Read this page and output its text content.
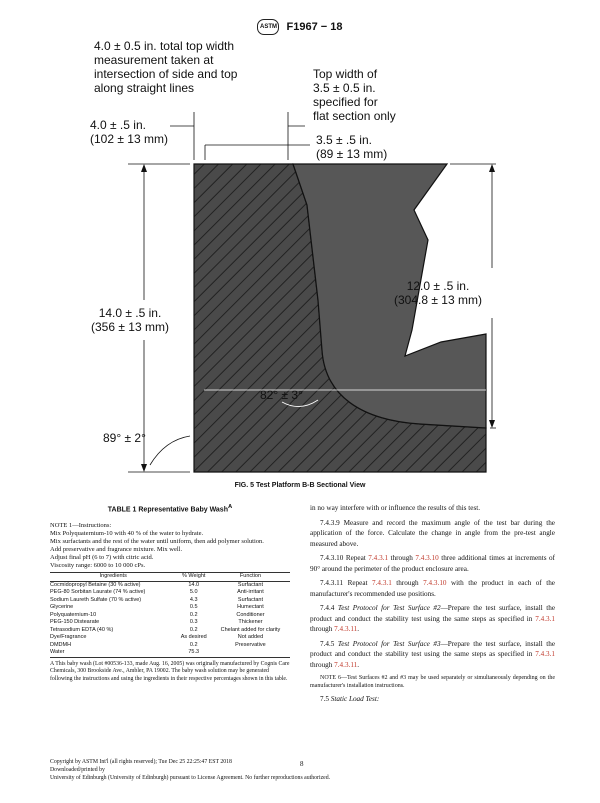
ASTM F1967 − 18
4.0 ± 0.5 in. total top width
measurement taken at
intersection of side and top
along straight lines
Top width of
3.5 ± 0.5 in.
specified for
flat section only
4.0 ± .5 in.
(102 ± 13 mm)	3.5 ± .5 in.
(89 ± 13 mm)
12.0 ± .5 in.
(304.8 ± 13 mm)
14.0 ± .5 in.
(356 ± 13 mm)
82° ± 3°
89° ± 2°
FIG. 5 Test Platform B-B Sectional View
TABLE 1 Representative Baby Wash$^A$

NOTE 1—Instructions:

Mix Polyquaternium-10 with 40 % of the water to hydrate.

Mix surfactants and the rest of the water until uniform, then add polymer solution.

Add preservative and fragrance mixture. Mix well.

Adjust final pH (6 to 7) with citric acid.

Viscosity range: 6000 to 10 000 cPs.

Ingredients	% Weight	Function
Cocmidopropyl Betaine (30 % active)	14.0	Surfactant
PEG-80 Sorbitan Laurate (74 % active)	5.0	Anti-irritant
Sodium Laureth Sulfate (70 % active)	4.3	Surfactant
Glycerine	0.5	Humectant
Polyquaternium-10	0.2	Conditioner
PEG-150 Distearate	0.3	Thickener
Tetrasodium EDTA (40 %)	0.2	Chelant added for clarity
Dye/Fragrance	As desired	Not added
DMDMH	0.2	Preservative
Water	75.3	
A This baby wash (Lot #00536-133, made Aug. 16, 2005) was originally manufactured by Cognis Care Chemicals, 300 Brookside Ave., Ambler, PA 19002. The baby wash solution may be generated following the instructions and using the ingredients in their respective percentages shown in this table.

in no way interfere with or influence the results of this test.

7.4.3.9 Measure and record the maximum angle of the test bar during the application of the force. Calculate the change in angle from the pre-test angle measured above.

7.4.3.10 Repeat 7.4.3.1 through 7.4.3.10 three additional times at increments of 90° around the perimeter of the product enclosure area.

7.4.3.11 Repeat 7.4.3.1 through 7.4.3.10 with the product in each of the manufacturer's recommended use positions.

7.4.4 Test Protocol for Test Surface #2—Prepare the test surface, install the product and conduct the stability test using the same steps as specified in 7.4.3.1 through 7.4.3.11.

7.4.5 Test Protocol for Test Surface #3—Prepare the test surface, install the product and conduct the stability test using the same steps as specified in 7.4.3.1 through 7.4.3.11.

NOTE 6—Test Surfaces #2 and #3 may be used separately or simultaneously depending on the manufacturer's installation instructions.

7.5 Static Load Test:

Copyright by ASTM Int'l (all rights reserved); Tue Dec 25 22:25:47 EST 2018
Downloaded/printed by
University of Edinburgh (University of Edinburgh) pursuant to License Agreement. No further reproductions authorized.
8
